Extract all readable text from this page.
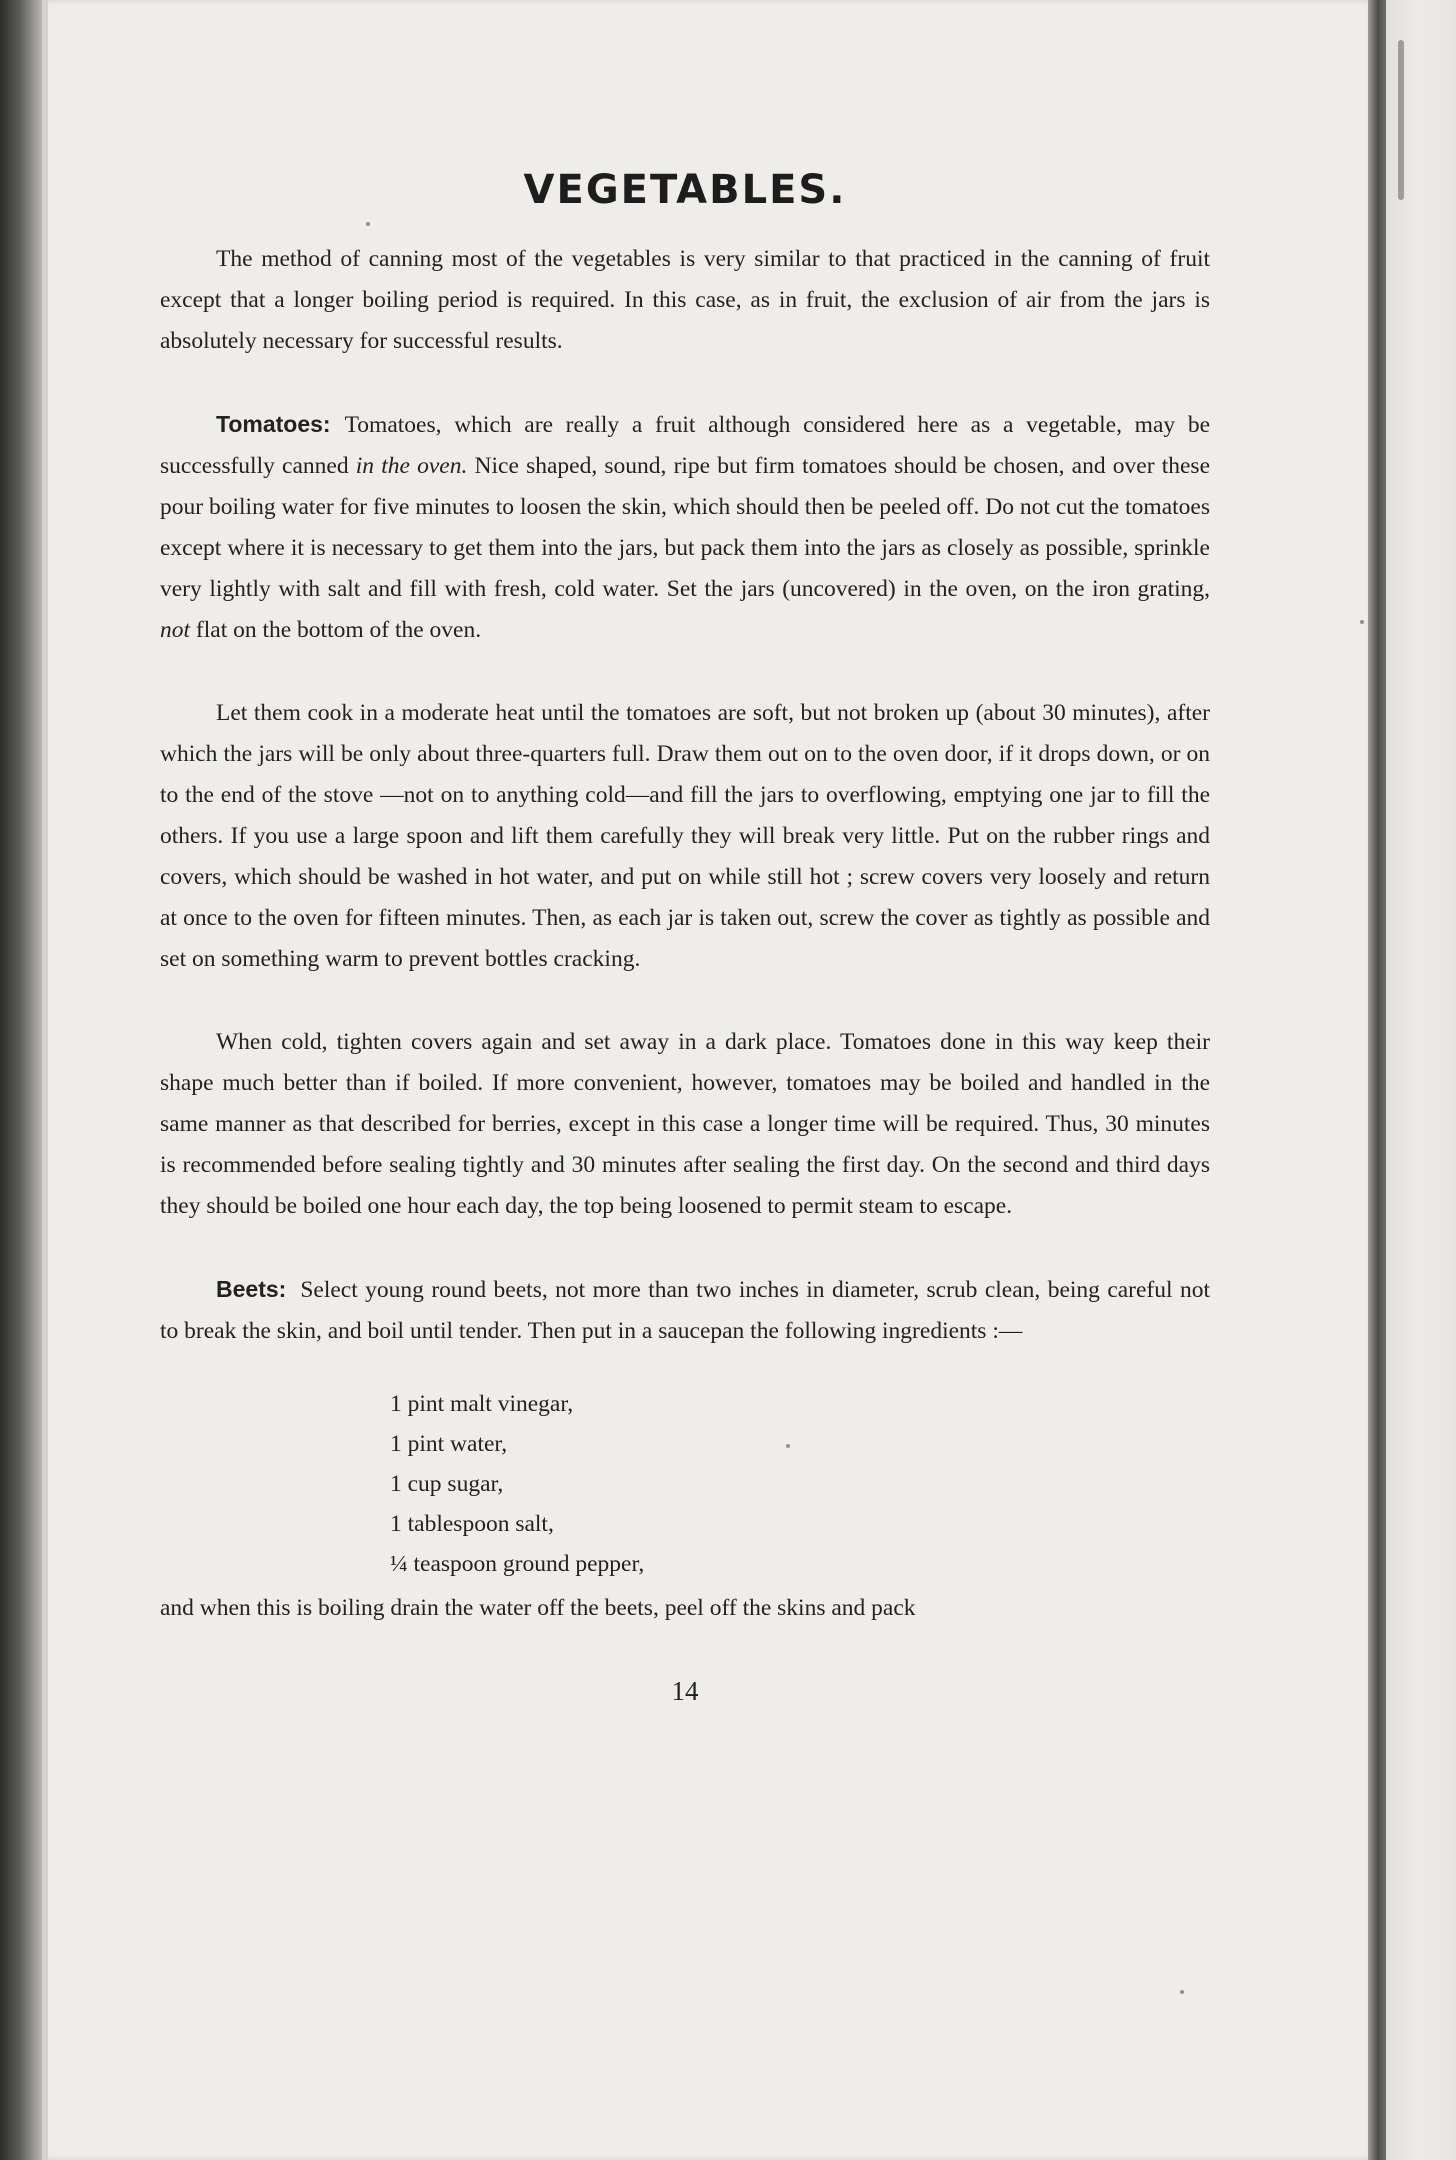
VEGETABLES.

The method of canning most of the vegetables is very similar to that practiced in the canning of fruit except that a longer boiling period is required. In this case, as in fruit, the exclusion of air from the jars is absolutely necessary for successful results.

Tomatoes: Tomatoes, which are really a fruit although considered here as a vegetable, may be successfully canned in the oven. Nice shaped, sound, ripe but firm tomatoes should be chosen, and over these pour boiling water for five minutes to loosen the skin, which should then be peeled off. Do not cut the tomatoes except where it is necessary to get them into the jars, but pack them into the jars as closely as possible, sprinkle very lightly with salt and fill with fresh, cold water. Set the jars (uncovered) in the oven, on the iron grating, not flat on the bottom of the oven.

Let them cook in a moderate heat until the tomatoes are soft, but not broken up (about 30 minutes), after which the jars will be only about three-quarters full. Draw them out on to the oven door, if it drops down, or on to the end of the stove —not on to anything cold—and fill the jars to overflowing, emptying one jar to fill the others. If you use a large spoon and lift them carefully they will break very little. Put on the rubber rings and covers, which should be washed in hot water, and put on while still hot ; screw covers very loosely and return at once to the oven for fifteen minutes. Then, as each jar is taken out, screw the cover as tightly as possible and set on something warm to prevent bottles cracking.

When cold, tighten covers again and set away in a dark place. Tomatoes done in this way keep their shape much better than if boiled. If more convenient, however, tomatoes may be boiled and handled in the same manner as that described for berries, except in this case a longer time will be required. Thus, 30 minutes is recommended before sealing tightly and 30 minutes after sealing the first day. On the second and third days they should be boiled one hour each day, the top being loosened to permit steam to escape.

Beets: Select young round beets, not more than two inches in diameter, scrub clean, being careful not to break the skin, and boil until tender. Then put in a saucepan the following ingredients :—

1 pint malt vinegar,
1 pint water,
1 cup sugar,
1 tablespoon salt,
¼ teaspoon ground pepper,

and when this is boiling drain the water off the beets, peel off the skins and pack

14
